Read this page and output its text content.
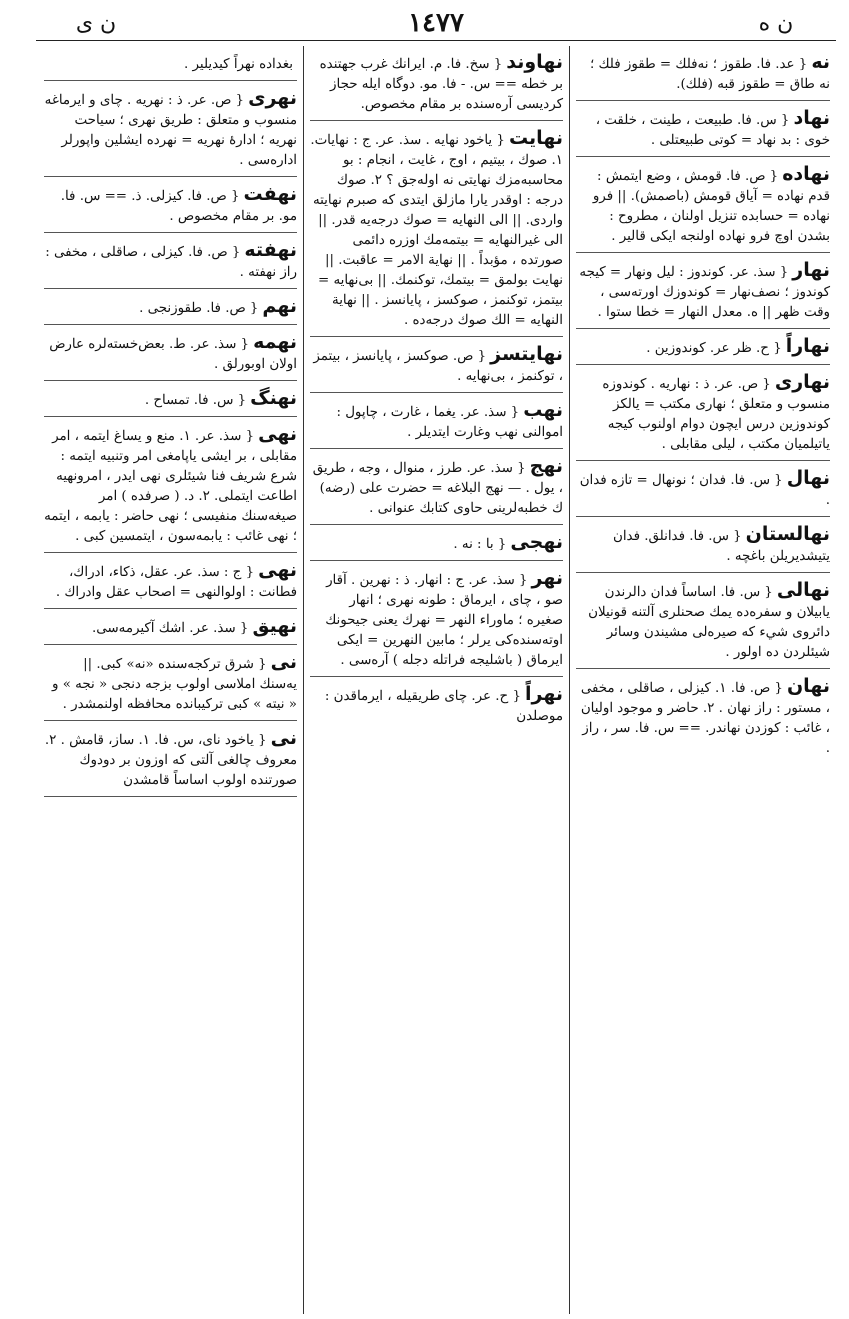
ن ى	١٤٧٧	ن ه
نه{ عد. فا. طقوز ؛ نه‌فلك = طقوز فلك ؛ نه طاق = طقوز قبه (فلك).
نهاد{ س. فا. طبيعت ، طينت ، خلقت ، خوى : بد نهاد = كوتى طبيعتلى .
نهاده{ ص. فا. قومش ، وضع ايتمش : قدم نهاده = آياق قومش (باصمش). || فرو نهاده = حسابده تنزيل اولنان ، مطروح : بشدن اوچ فرو نهاده اولنجه ايكى قالير .
نهار{ سذ. عر. كوندوز : ليل ونهار = كيجه كوندوز ؛ نصف‌نهار = كوندوزك اورته‌سى ، وقت ظهر || ه. معدل النهار = خطا ستوا .
نهاراً{ ح. ظر عر. كوندوزين .
نهارى{ ص. عر. ذ : نهاريه . كوندوزه منسوب و متعلق ؛ نهارى مكتب = يالكز كوندوزين درس ايچون دوام اولنوب كيجه ياتيلميان مكتب ، ليلى مقابلى .
نهال{ س. فا. فدان ؛ نونهال = تازه فدان .
نهالستان{ س. فا. فدانلق. فدان يتيشديريلن باغچه .
نهالى{ س. فا. اساساً فدان دالرندن يابيلان و سفره‌ده يمك صحنلرى آلتنه قونيلان دائروى شيء كه صيره‌لى مشيندن وسائر شيئلردن ده اولور .
نهان{ ص. فا. ١. كيزلى ، صاقلى ، مخفى ، مستور : راز نهان . ٢. حاضر و موجود اوليان ، غائب : كوزدن نهاندر. == س. فا. سر ، راز .
نهاوند{ سخ. فا. م. ايرانك غرب جهتنده بر خطه == س. - فا. مو. دوگاه ايله حجاز كرديسى آره‌سنده بر مقام مخصوص.
نهايت{ ياخود نهايه . سذ. عر. ج : نهايات. ١. صوك ، بيتيم ، اوج ، غايت ، انجام : بو محاسبه‌مزك نهايتى نه اوله‌جق ؟ ٢. صوك درجه : اوقدر يارا مازلق ايتدى كه صبرم نهايته واردى. || الى النهايه = صوك درجه‌يه قدر. || الى غيرالنهايه = بيتمه‌مك اوزره دائمى صورتده ، مؤبداً . || نهاية الامر = عاقبت. || نهايت بولمق = بيتمك، توكنمك. || بى‌نهايه = بيتمز، توكنمز ، صوكسز ، پايانسز . || نهاية النهايه = الك صوك درجه‌ده .
نهايتسز{ ص. صوكسز ، پايانسز ، بيتمز ، توكنمز ، بى‌نهايه .
نهب{ سذ. عر. يغما ، غارت ، چاپول : اموالنى نهب وغارت ايتديلر .
نهج{ سذ. عر. طرز ، منوال ، وجه ، طريق ، يول . — نهج البلاغه = حضرت على (رضه) ك خطبه‌لرينى حاوى كتابك عنوانى .
نهجى{ با : نه .
نهر{ سذ. عر. ج : انهار. ذ : نهرين . آقار صو ، چاى ، ايرماق : طونه نهرى ؛ انهار صغيره ؛ ماوراء النهر = نهرك يعنى جيحونك اوته‌سنده‌كى يرلر ؛ مابين النهرين = ايكى ايرماق ( باشليجه فراتله دجله ) آره‌سى .
نهراً{ ح. عر. چاى طريقيله ، ايرماقدن : موصلدن
بغداده نهراً كيديلير .
نهرى{ ص. عر. ذ : نهريه . چاى و ايرماغه منسوب و متعلق : طريق نهرى ؛ سياحت نهريه ؛ ادارهٔ نهريه = نهرده ايشلين واپورلر اداره‌سى .
نهفت{ ص. فا. كيزلى. ذ. == س. فا. مو. بر مقام مخصوص .
نهفته{ ص. فا. كيزلى ، صاقلى ، مخفى : راز نهفته .
نهم{ ص. فا. طقوزنجى .
نهمه{ سذ. عر. ط. بعض‌خسته‌لره عارض اولان اوبورلق .
نهنگ{ س. فا. تمساح .
نهى{ سذ. عر. ١. منع و يساغ ايتمه ، امر مقابلى ، بر ايشى ياپامغى امر وتنبيه ايتمه : شرع شريف فنا شيئلرى نهى ايدر ، امرونهيه اطاعت ايتملى. ٢. د. ( صرفده ) امر صيغه‌سنك منفيسى ؛ نهى حاضر : يابمه ، ايتمه ؛ نهى غائب : يابمه‌سون ، ايتمسين كبى .
نهى{ ج : سذ. عر. عقل، ذكاء، ادراك، فطانت : اولوالنهى = اصحاب عقل وادراك .
نهيق{ سذ. عر. اشك آكيرمه‌سى.
نى{ شرق تركجه‌سنده «نه» كبى. || يه‌سنك املاسى اولوب بزجه دنجى « نجه » و « نيته » كبى تركيبانده محافظه اولنمشدر .
نى{ ياخود ناى، س. فا. ١. ساز، قامش . ٢. معروف چالغى آلتى كه اوزون بر دودوك صورتنده اولوب اساساً قامشدن
